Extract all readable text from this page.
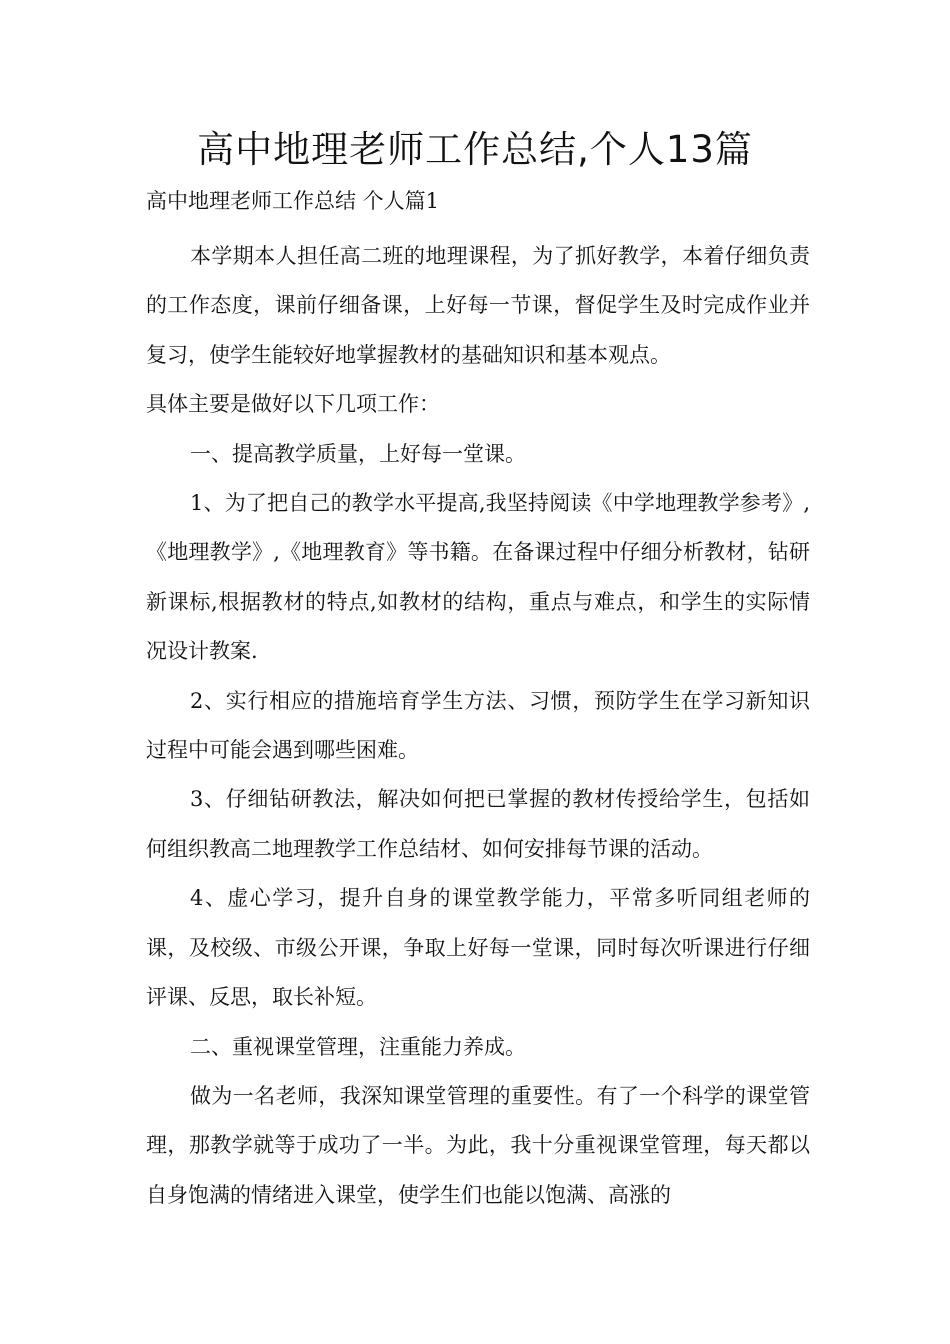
高中地理老师工作总结,个人13篇

高中地理老师工作总结 个人篇1

本学期本人担任高二班的地理课程，为了抓好教学，本着仔细负责的工作态度，课前仔细备课，上好每一节课，督促学生及时完成作业并复习，使学生能较好地掌握教材的基础知识和基本观点。

具体主要是做好以下几项工作：

一、提高教学质量，上好每一堂课。

1、为了把自己的教学水平提高,我坚持阅读《中学地理教学参考》,《地理教学》,《地理教育》等书籍。在备课过程中仔细分析教材，钻研新课标,根据教材的特点,如教材的结构，重点与难点，和学生的实际情况设计教案.

2、实行相应的措施培育学生方法、习惯，预防学生在学习新知识过程中可能会遇到哪些困难。

3、仔细钻研教法，解决如何把已掌握的教材传授给学生，包括如何组织教高二地理教学工作总结材、如何安排每节课的活动。

4、虚心学习，提升自身的课堂教学能力，平常多听同组老师的课，及校级、市级公开课，争取上好每一堂课，同时每次听课进行仔细评课、反思，取长补短。

二、重视课堂管理，注重能力养成。

做为一名老师，我深知课堂管理的重要性。有了一个科学的课堂管理，那教学就等于成功了一半。为此，我十分重视课堂管理，每天都以自身饱满的情绪进入课堂，使学生们也能以饱满、高涨的
